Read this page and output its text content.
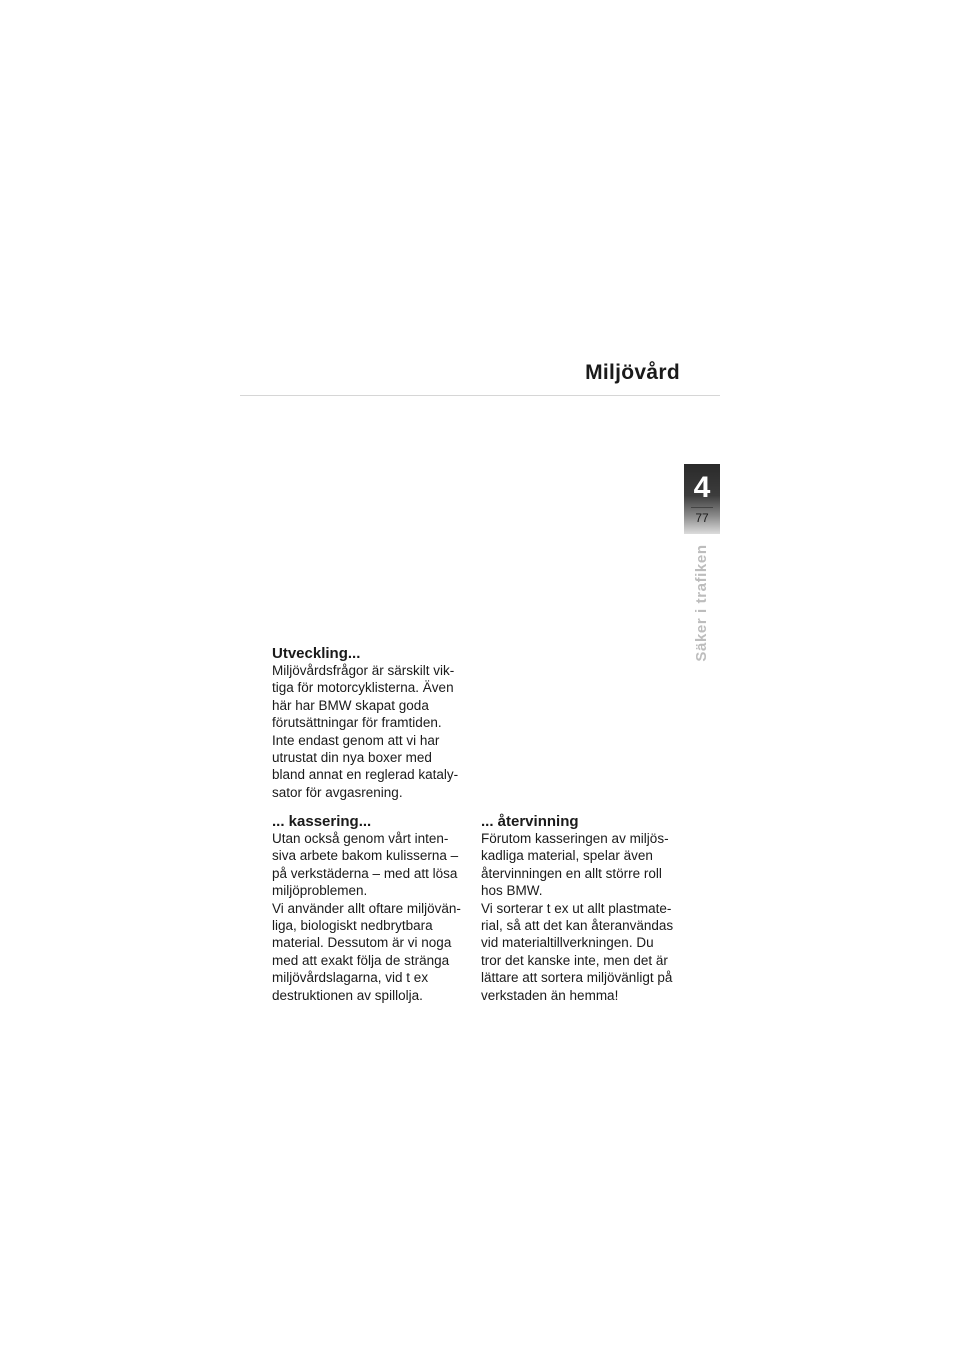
Miljövård
4
77
Säker i trafiken
Utveckling...

Miljövårdsfrågor är särskilt vik-

tiga för motorcyklisterna. Även

här har BMW skapat goda

förutsättningar för framtiden.

Inte endast genom att vi har

utrustat din nya boxer med

bland annat en reglerad kataly-

sator för avgasrening.

... kassering...

Utan också genom vårt inten-

siva arbete bakom kulisserna –

på verkstäderna – med att lösa

miljöproblemen.

Vi använder allt oftare miljövän-

liga, biologiskt nedbrytbara

material. Dessutom är vi noga

med att exakt följa de stränga

miljövårdslagarna, vid t ex

destruktionen av spillolja.

... återvinning

Förutom kasseringen av miljös-

kadliga material, spelar även

återvinningen en allt större roll

hos BMW.

Vi sorterar t ex ut allt plastmate-

rial, så att det kan återanvändas

vid materialtillverkningen. Du

tror det kanske inte, men det är

lättare att sortera miljövänligt på

verkstaden än hemma!
